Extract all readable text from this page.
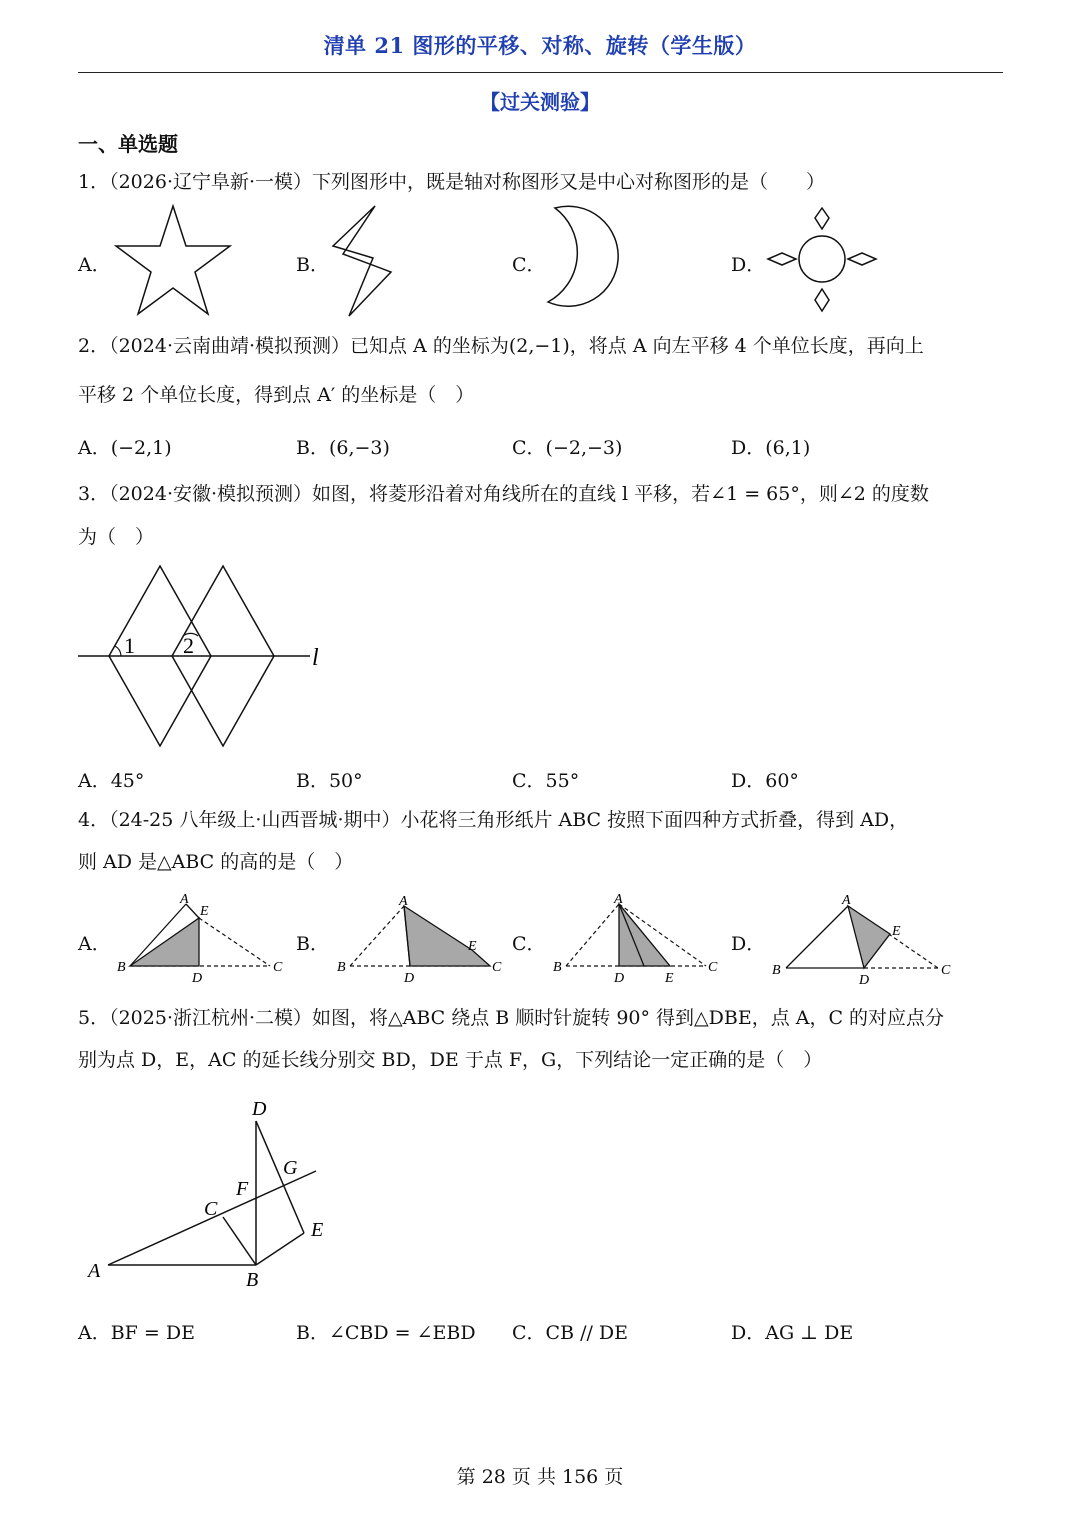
清单 21 图形的平移、对称、旋转（学生版）
【过关测验】
一、单选题
1．（2026·辽宁阜新·一模）下列图形中，既是轴对称图形又是中心对称图形的是（　　）
A．	B．	C．	D．
2．（2024·云南曲靖·模拟预测）已知点 A 的坐标为(2,−1)，将点 A 向左平移 4 个单位长度，再向上
平移 2 个单位长度，得到点 A′ 的坐标是（　）
A．(−2,1)	B．(6,−3)	C．(−2,−3)	D．(6,1)
3．（2024·安徽·模拟预测）如图，将菱形沿着对角线所在的直线 l 平移，若∠1 = 65°，则∠2 的度数
为（　）
1 2	l
A．45°	B．50°	C．55°	D．60°
4．（24-25 八年级上·山西晋城·期中）小花将三角形纸片 ABC 按照下面四种方式折叠，得到 AD，
则 AD 是△ABC 的高的是（　）
A．	B．	C．	D．
A
E
B
D
C
A
E
B
D
C
A
B
D	E
C
A
E
B
D
C
5．（2025·浙江杭州·二模）如图，将△ABC 绕点 B 顺时针旋转 90° 得到△DBE，点 A，C 的对应点分
别为点 D，E，AC 的延长线分别交 BD，DE 于点 F，G，下列结论一定正确的是（　）
A	B
C
D
E
F
G
A．BF = DE	B．∠CBD = ∠EBD C．CB // DE	D．AG ⊥ DE
第 28 页 共 156 页
